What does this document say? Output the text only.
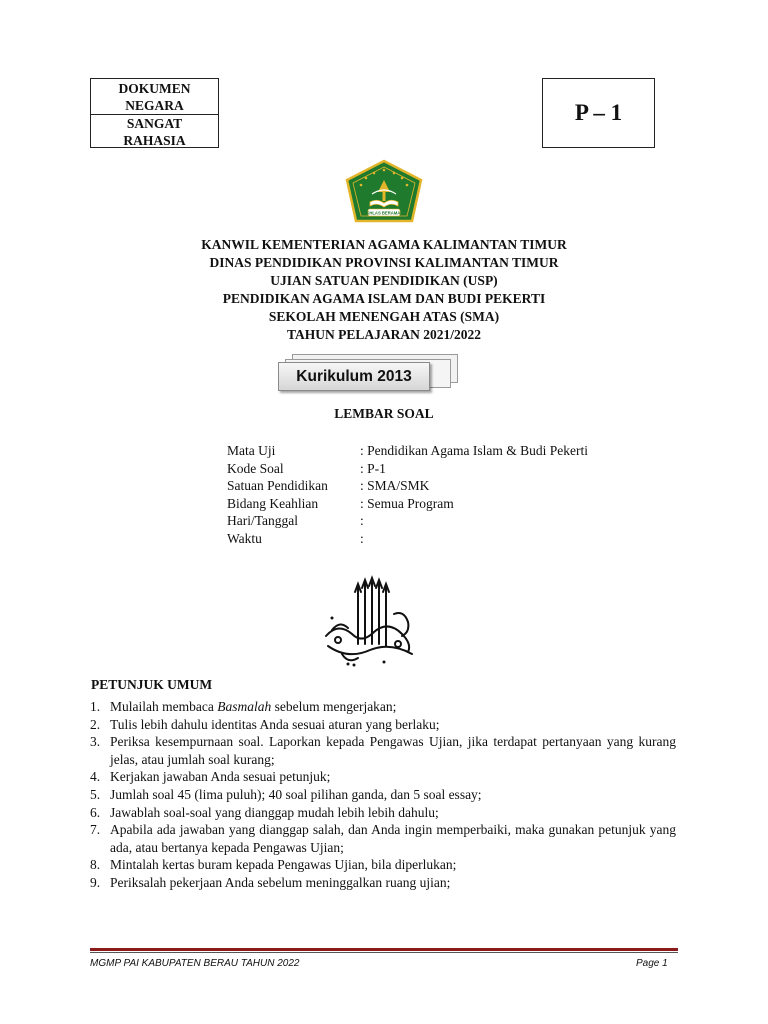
DOKUMEN
NEGARA
SANGAT
RAHASIA
P – 1
IKHLAS BERAMAL
KANWIL KEMENTERIAN AGAMA KALIMANTAN TIMUR
DINAS PENDIDIKAN PROVINSI KALIMANTAN TIMUR
UJIAN SATUAN PENDIDIKAN (USP)
PENDIDIKAN AGAMA ISLAM DAN BUDI PEKERTI
SEKOLAH MENENGAH ATAS (SMA)
TAHUN PELAJARAN 2021/2022
Kurikulum 2013
LEMBAR SOAL
Mata Uji	: Pendidikan Agama Islam & Budi Pekerti
Kode Soal	: P-1
Satuan Pendidikan	: SMA/SMK
Bidang Keahlian	: Semua Program
Hari/Tanggal	:
Waktu	:
PETUNJUK UMUM
1. Mulailah membaca Basmalah sebelum mengerjakan;
2. Tulis lebih dahulu identitas Anda sesuai aturan yang berlaku;
3. Periksa kesempurnaan soal. Laporkan kepada Pengawas Ujian, jika terdapat pertanyaan yang kurang jelas, atau jumlah soal kurang;
4. Kerjakan jawaban Anda sesuai petunjuk;
5. Jumlah soal 45 (lima puluh); 40 soal pilihan ganda, dan 5 soal essay;
6. Jawablah soal-soal yang dianggap mudah lebih lebih dahulu;
7. Apabila ada jawaban yang dianggap salah, dan Anda ingin memperbaiki, maka gunakan petunjuk yang ada, atau bertanya kepada Pengawas Ujian;
8. Mintalah kertas buram kepada Pengawas Ujian, bila diperlukan;
9. Periksalah pekerjaan Anda sebelum meninggalkan ruang ujian;
MGMP PAI KABUPATEN BERAU TAHUN 2022	Page 1
